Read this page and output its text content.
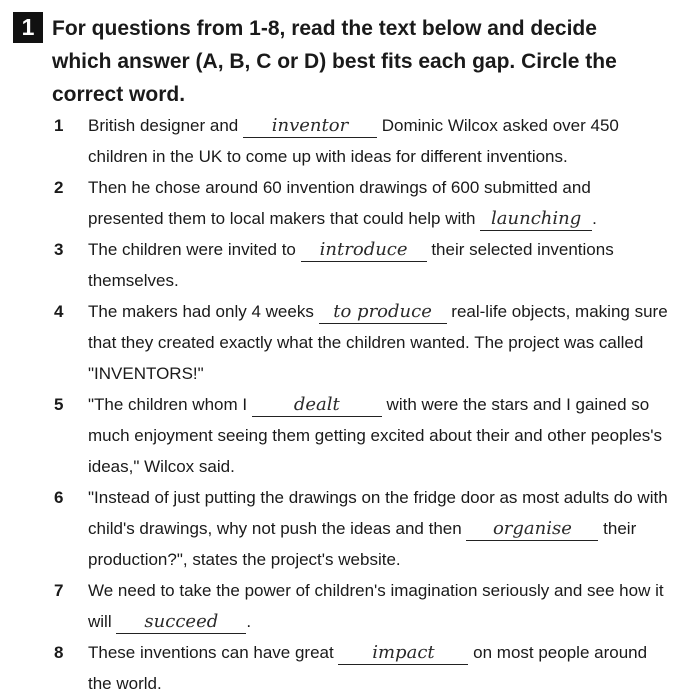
1 For questions from 1-8, read the text below and decide which answer (A, B, C or D) best fits each gap. Circle the correct word.

1 British designer and inventor Dominic Wilcox asked over 450 children in the UK to come up with ideas for different inventions.
2 Then he chose around 60 invention drawings of 600 submitted and presented them to local makers that could help with launching .
3 The children were invited to introduce their selected inventions themselves.
4 The makers had only 4 weeks to produce real-life objects, making sure that they created exactly what the children wanted. The project was called "INVENTORS!"
5 "The children whom I dealt with were the stars and I gained so much enjoyment seeing them getting excited about their and other peoples's ideas," Wilcox said.
6 "Instead of just putting the drawings on the fridge door as most adults do with child's drawings, why not push the ideas and then organise their production?", states the project's website.
7 We need to take the power of children's imagination seriously and see how it will succeed .
8 These inventions can have great impact on most people around the world.
